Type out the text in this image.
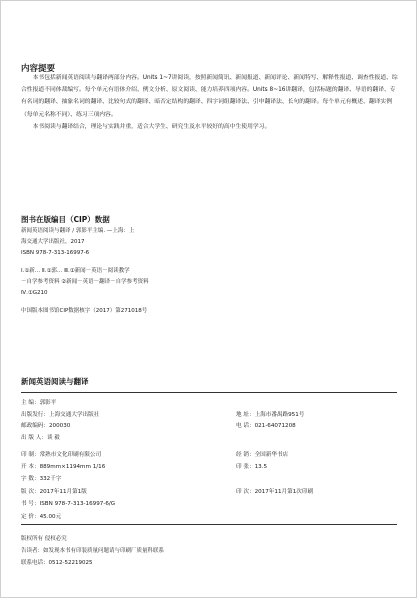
内容提要
本书包括新闻英语阅读与翻译两部分内容。Units 1~7讲阅读，按照新闻简讯、新闻报道、新闻评论、新闻特写、解释性报道、调查性报道、综合性报道不同体裁编写。每个单元有语体介绍、例文分析、原文阅读、能力培养四项内容。Units 8~16讲翻译，包括标题的翻译、导语的翻译、专有名词的翻译、抽象名词的翻译、比较句式的翻译、暗否定结构的翻译、四字词组翻译法、引申翻译法、长句的翻译。每个单元有概述、翻译实例（每单元名称不同）、练习三项内容。
本书阅读与翻译结合，理论与实践并重，适合大学生、研究生及水平较好的高中生使用学习。
图书在版编目（CIP）数据
新闻英语阅读与翻译 / 郭影平主编. —上海：上
海交通大学出版社，2017
ISBN 978-7-313-16997-6
Ⅰ.①新… Ⅱ.①郭… Ⅲ.①新闻－英语－阅读教学
－自学参考资料 ②新闻－英语－翻译－自学参考资料
Ⅳ.①G210
中国版本图书馆CIP数据核字（2017）第271018号
新闻英语阅读与翻译
主 编：郭影平
出版发行：上海交通大学出版社	地 址：上海市番禺路951号
邮政编码：200030	电 话：021-64071208
出 版 人：谈 毅
印 制：常熟市文化印刷有限公司	经 销：全国新华书店
开 本：889mm×1194mm 1/16	印 张：13.5
字 数：332千字
版 次：2017年11月第1版	印 次：2017年11月第1次印刷
书 号：ISBN 978-7-313-16997-6/G
定 价：45.00元
版权所有 侵权必究
告读者：如发现本书有印装质量问题请与印刷厂质量科联系
联系电话：0512-52219025
